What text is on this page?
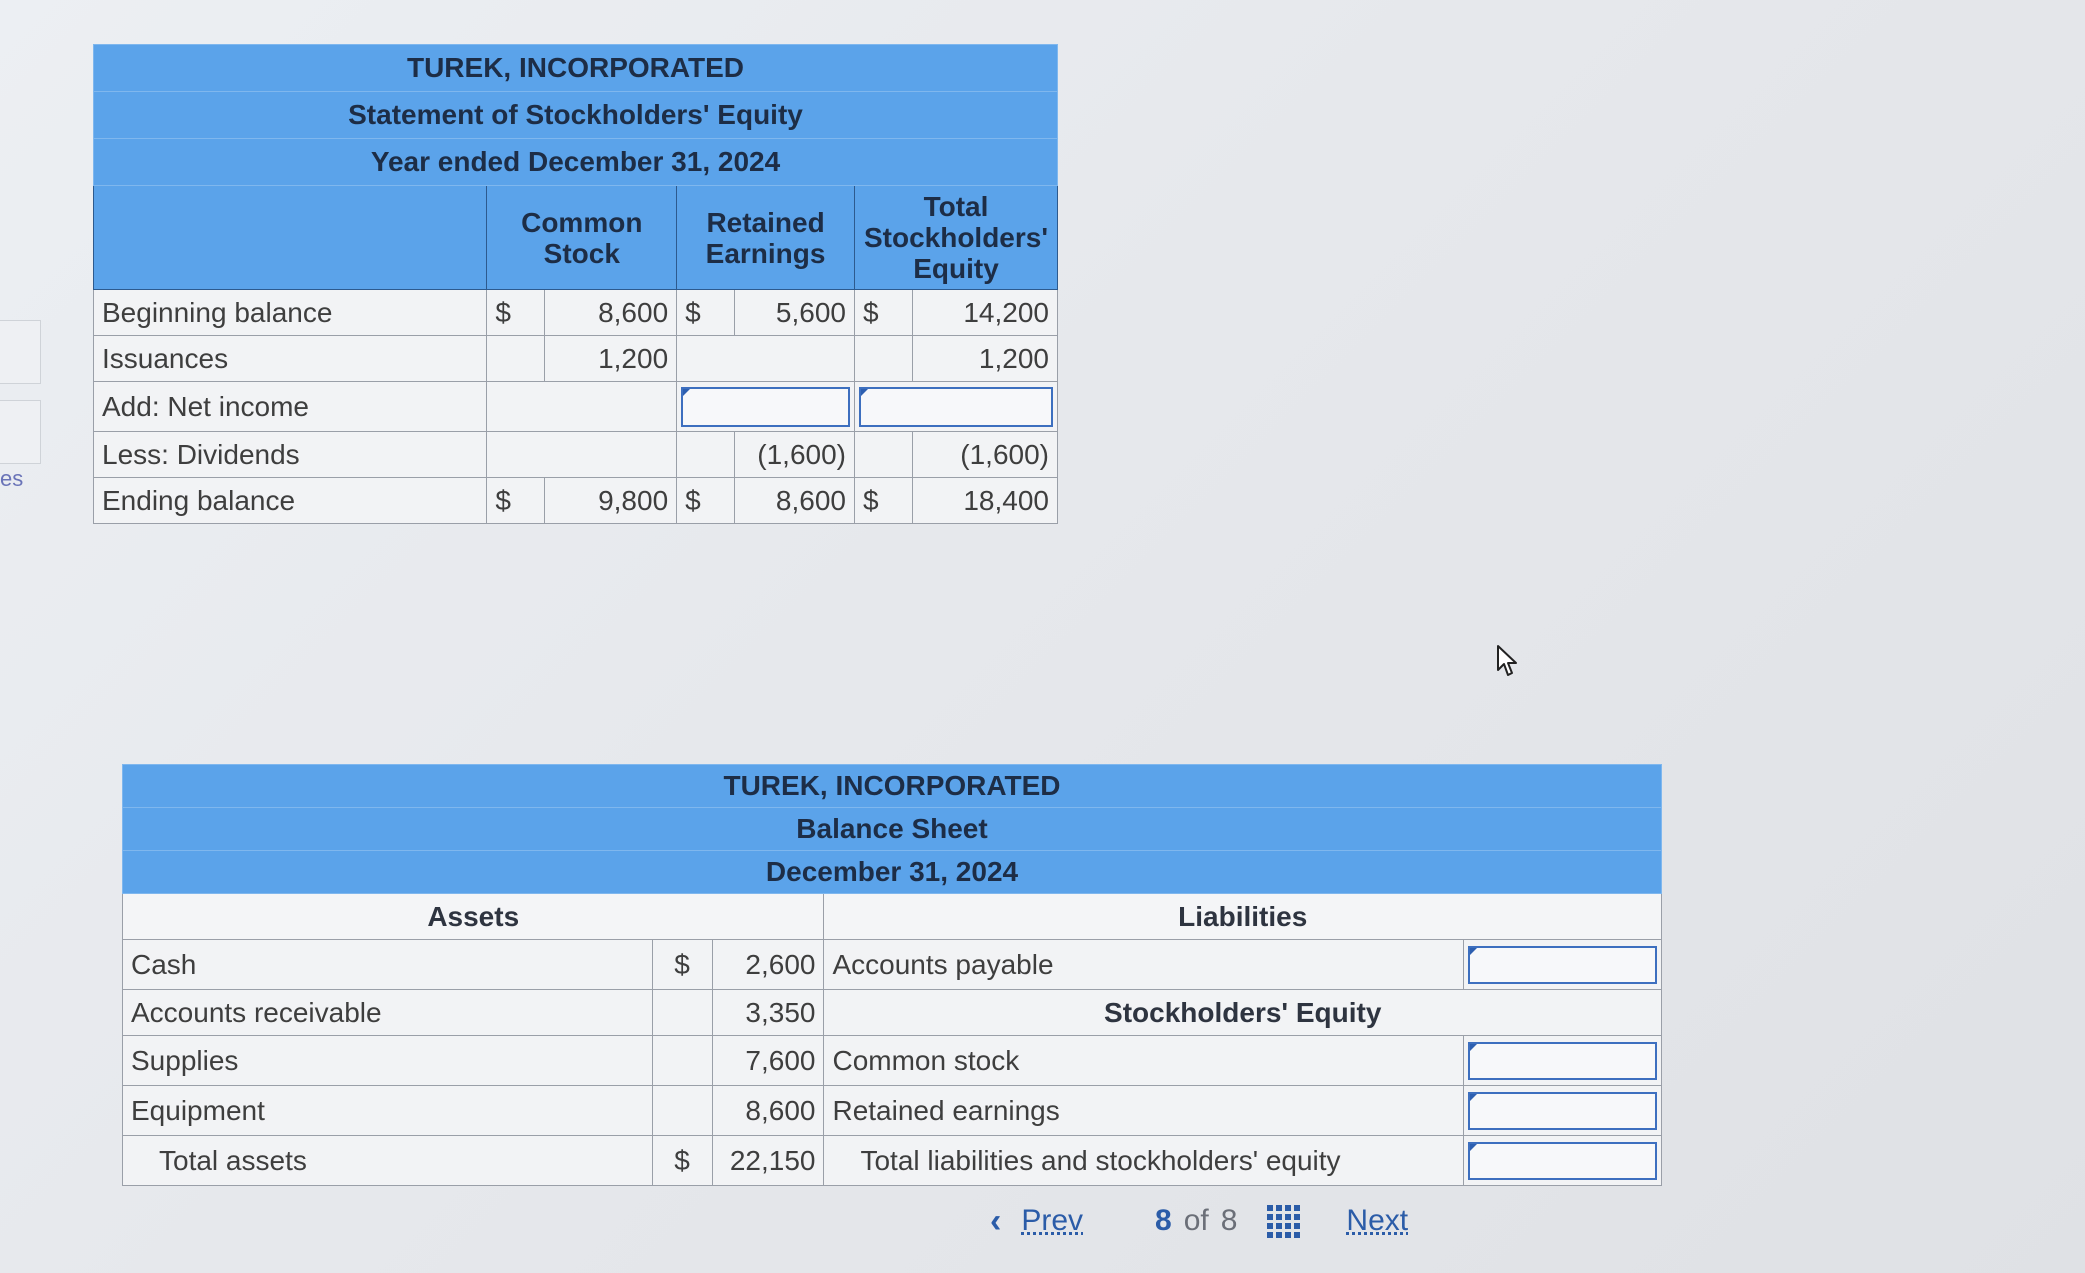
es
TUREK, INCORPORATED						
Statement of Stockholders' Equity						
Year ended December 31, 2024						
	Common
Stock		Retained
Earnings		Total
Stockholders'
Equity	
Beginning balance	$	8,600	$	5,600	$	14,200
Issuances		1,200				1,200
Add: Net income					

Less: Dividends				(1,600)		(1,600)
Ending balance	$	9,800	$	8,600	$	18,400
TUREK, INCORPORATED				
Balance Sheet				
December 31, 2024				
Assets			Liabilities	
Cash	$	2,600	Accounts payable	

Accounts receivable		3,350	Stockholders' Equity	
Supplies		7,600	Common stock	

Equipment		8,600	Retained earnings	

Total assets	$	22,150	Total liabilities and stockholders' equity	
‹ Prev 8 of 8	Next
